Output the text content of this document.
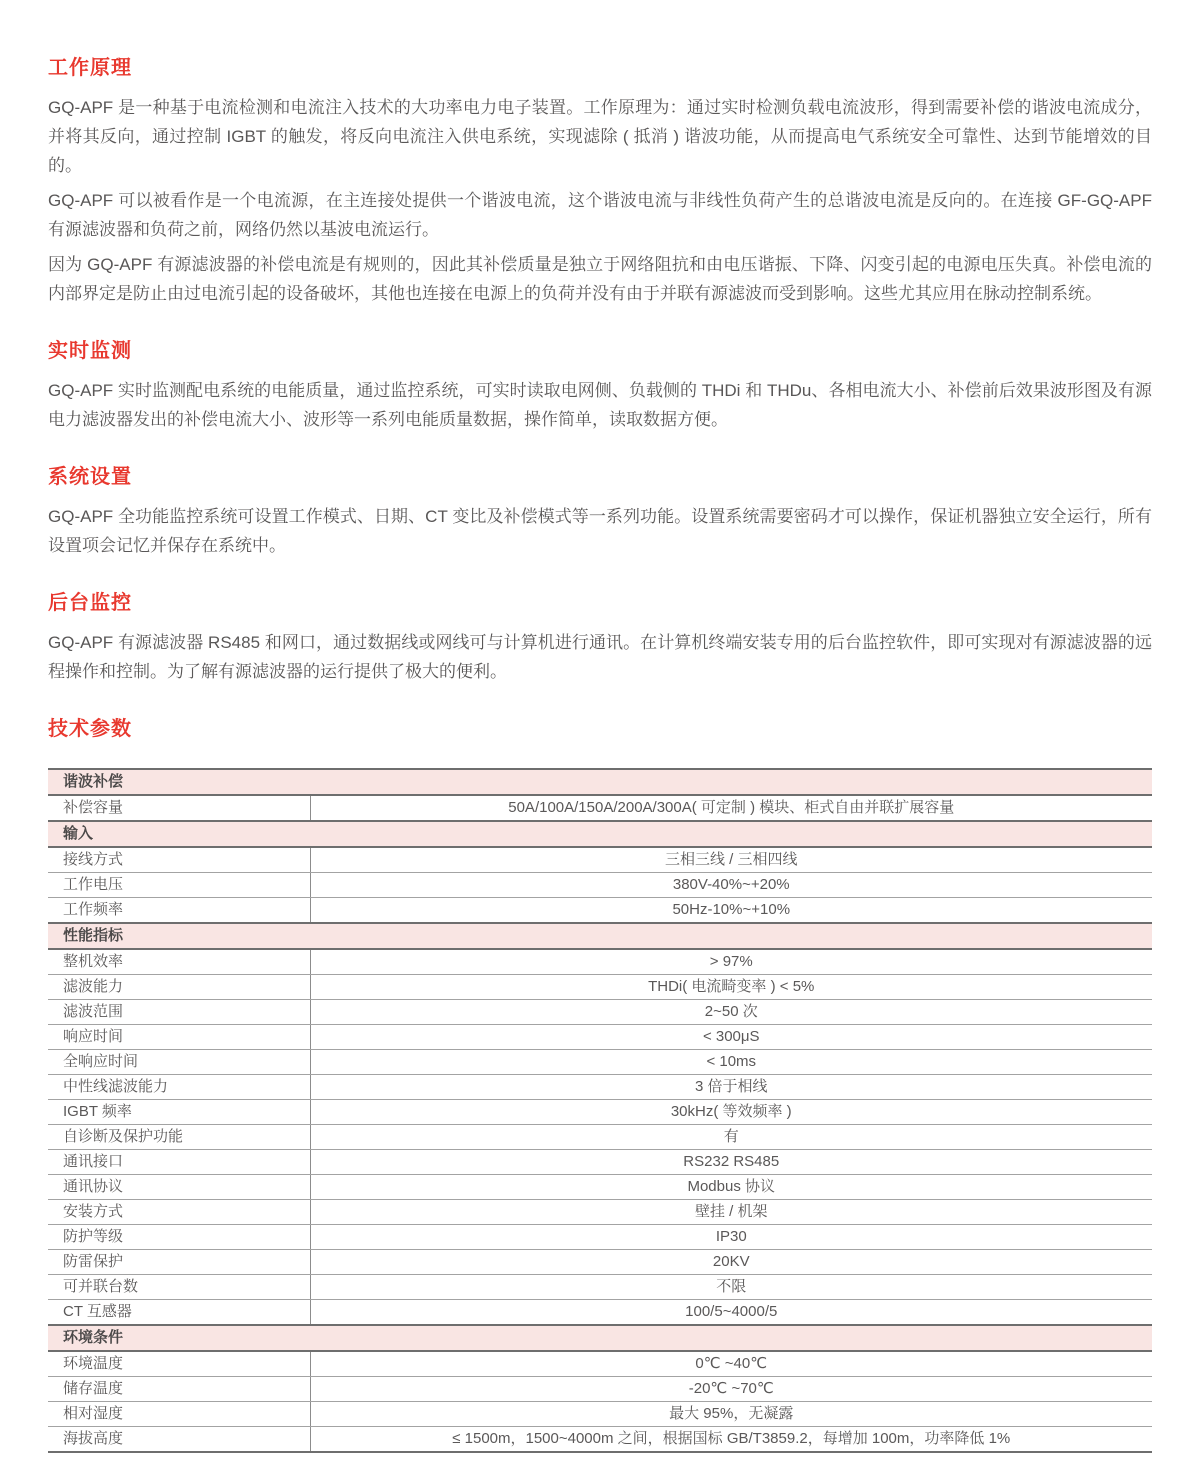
工作原理

GQ-APF 是一种基于电流检测和电流注入技术的大功率电力电子装置。工作原理为：通过实时检测负载电流波形，得到需要补偿的谐波电流成分，并将其反向，通过控制 IGBT 的触发，将反向电流注入供电系统，实现滤除 ( 抵消 ) 谐波功能，从而提高电气系统安全可靠性、达到节能增效的目的。

GQ-APF 可以被看作是一个电流源，在主连接处提供一个谐波电流，这个谐波电流与非线性负荷产生的总谐波电流是反向的。在连接 GF-GQ-APF 有源滤波器和负荷之前，网络仍然以基波电流运行。

因为 GQ-APF 有源滤波器的补偿电流是有规则的，因此其补偿质量是独立于网络阻抗和由电压谐振、下降、闪变引起的电源电压失真。补偿电流的内部界定是防止由过电流引起的设备破坏，其他也连接在电源上的负荷并没有由于并联有源滤波而受到影响。这些尤其应用在脉动控制系统。

实时监测

GQ-APF 实时监测配电系统的电能质量，通过监控系统，可实时读取电网侧、负载侧的 THDi 和 THDu、各相电流大小、补偿前后效果波形图及有源电力滤波器发出的补偿电流大小、波形等一系列电能质量数据，操作简单，读取数据方便。

系统设置

GQ-APF 全功能监控系统可设置工作模式、日期、CT 变比及补偿模式等一系列功能。设置系统需要密码才可以操作，保证机器独立安全运行，所有设置项会记忆并保存在系统中。

后台监控

GQ-APF 有源滤波器 RS485 和网口，通过数据线或网线可与计算机进行通讯。在计算机终端安装专用的后台监控软件，即可实现对有源滤波器的远程操作和控制。为了解有源滤波器的运行提供了极大的便利。

技术参数
谐波补偿	
补偿容量	50A/100A/150A/200A/300A( 可定制 ) 模块、柜式自由并联扩展容量
输入	
接线方式	三相三线 / 三相四线
工作电压	380V-40%~+20%
工作频率	50Hz-10%~+10%
性能指标	
整机效率	> 97%
滤波能力	THDi( 电流畸变率 ) < 5%
滤波范围	2~50 次
响应时间	< 300μS
全响应时间	< 10ms
中性线滤波能力	3 倍于相线
IGBT 频率	30kHz( 等效频率 )
自诊断及保护功能	有
通讯接口	RS232 RS485
通讯协议	Modbus 协议
安装方式	壁挂 / 机架
防护等级	IP30
防雷保护	20KV
可并联台数	不限
CT 互感器	100/5~4000/5
环境条件	
环境温度	0℃ ~40℃
储存温度	-20℃ ~70℃
相对湿度	最大 95%，无凝露
海拔高度	≤ 1500m，1500~4000m 之间，根据国标 GB/T3859.2，每增加 100m，功率降低 1%
